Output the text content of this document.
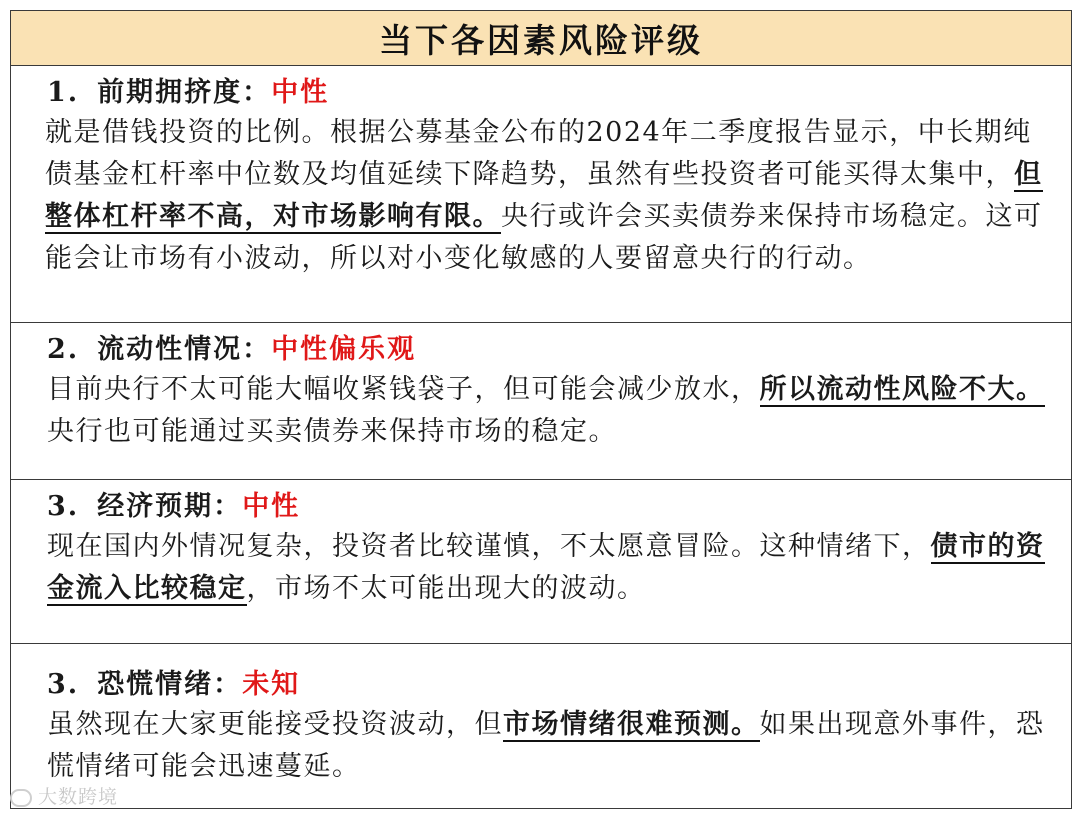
当下各因素风险评级
1. 前期拥挤度：中性
就是借钱投资的比例。根据公募基金公布的2024年二季度报告显示，中长期纯债基金杠杆率中位数及均值延续下降趋势，虽然有些投资者可能买得太集中，但整体杠杆率不高，对市场影响有限。央行或许会买卖债券来保持市场稳定。这可能会让市场有小波动，所以对小变化敏感的人要留意央行的行动。
2. 流动性情况：中性偏乐观
目前央行不太可能大幅收紧钱袋子，但可能会减少放水，所以流动性风险不大。央行也可能通过买卖债券来保持市场的稳定。
3. 经济预期：中性
现在国内外情况复杂，投资者比较谨慎，不太愿意冒险。这种情绪下，债市的资金流入比较稳定，市场不太可能出现大的波动。
3. 恐慌情绪：未知
虽然现在大家更能接受投资波动，但市场情绪很难预测。如果出现意外事件，恐慌情绪可能会迅速蔓延。
大数跨境
